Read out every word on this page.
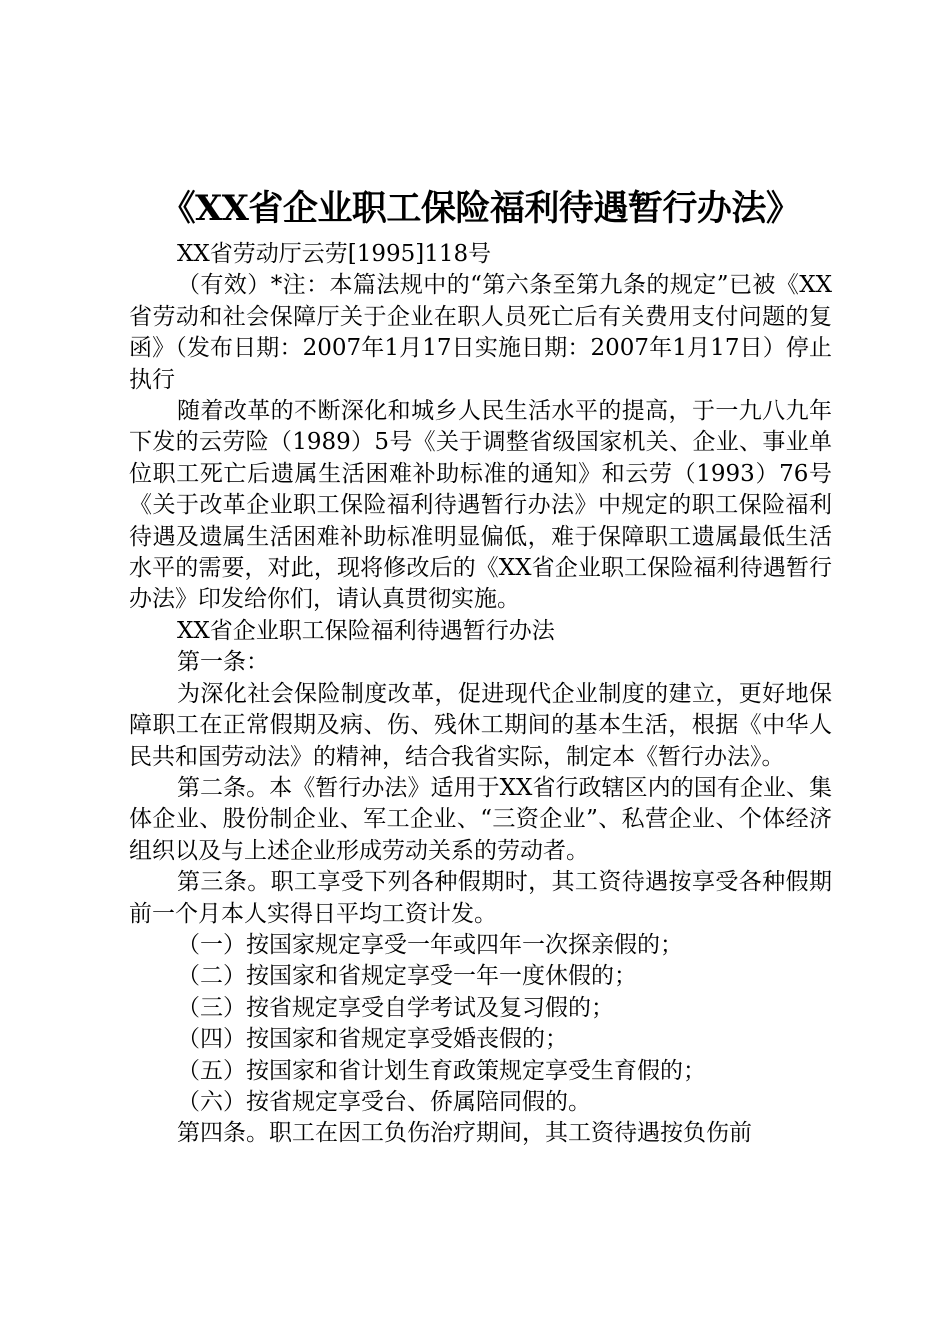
《XX省企业职工保险福利待遇暂行办法》

XX省劳动厅云劳[1995]118号

（有效）*注：本篇法规中的“第六条至第九条的规定”已被《XX省劳动和社会保障厅关于企业在职人员死亡后有关费用支付问题的复函》（发布日期：2007年1月17日实施日期：2007年1月17日）停止执行

随着改革的不断深化和城乡人民生活水平的提高，于一九八九年下发的云劳险（1989）5号《关于调整省级国家机关、企业、事业单位职工死亡后遗属生活困难补助标准的通知》和云劳（1993）76号《关于改革企业职工保险福利待遇暂行办法》中规定的职工保险福利待遇及遗属生活困难补助标准明显偏低，难于保障职工遗属最低生活水平的需要，对此，现将修改后的《XX省企业职工保险福利待遇暂行办法》印发给你们，请认真贯彻实施。

XX省企业职工保险福利待遇暂行办法

第一条：

为深化社会保险制度改革，促进现代企业制度的建立，更好地保障职工在正常假期及病、伤、残休工期间的基本生活，根据《中华人民共和国劳动法》的精神，结合我省实际，制定本《暂行办法》。

第二条。本《暂行办法》适用于XX省行政辖区内的国有企业、集体企业、股份制企业、军工企业、“三资企业”、私营企业、个体经济组织以及与上述企业形成劳动关系的劳动者。

第三条。职工享受下列各种假期时，其工资待遇按享受各种假期前一个月本人实得日平均工资计发。

（一）按国家规定享受一年或四年一次探亲假的；

（二）按国家和省规定享受一年一度休假的；

（三）按省规定享受自学考试及复习假的；

（四）按国家和省规定享受婚丧假的；

（五）按国家和省计划生育政策规定享受生育假的；

（六）按省规定享受台、侨属陪同假的。

第四条。职工在因工负伤治疗期间，其工资待遇按负伤前
